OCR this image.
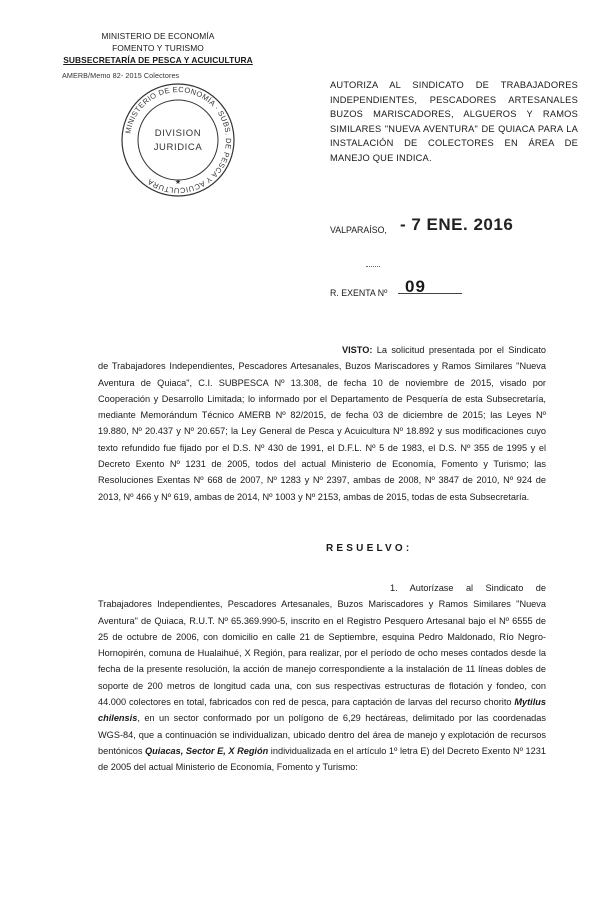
MINISTERIO DE ECONOMÍA
FOMENTO Y TURISMO
SUBSECRETARÍA DE PESCA Y ACUICULTURA
AMERB/Memo 82- 2015 Colectores
MINISTERIO DE ECONOMÍA · SUBS. DE PESCA Y ACUICULTURA
DIVISION
JURIDICA
★
AUTORIZA AL SINDICATO DE TRABAJADORES INDEPENDIENTES, PESCADORES ARTESANALES BUZOS MARISCADORES, ALGUEROS Y RAMOS SIMILARES "NUEVA AVENTURA" DE QUIACA PARA LA INSTALACIÓN DE COLECTORES EN ÁREA DE MANEJO QUE INDICA.
VALPARAÍSO, - 7 ENE. 2016
R. EXENTA Nº 09
VISTO: La solicitud presentada por el Sindicato de Trabajadores Independientes, Pescadores Artesanales, Buzos Mariscadores y Ramos Similares "Nueva Aventura de Quiaca", C.I. SUBPESCA Nº 13.308, de fecha 10 de noviembre de 2015, visado por Cooperación y Desarrollo Limitada; lo informado por el Departamento de Pesquería de esta Subsecretaría, mediante Memorándum Técnico AMERB Nº 82/2015, de fecha 03 de diciembre de 2015; las Leyes Nº 19.880, Nº 20.437 y Nº 20.657; la Ley General de Pesca y Acuicultura Nº 18.892 y sus modificaciones cuyo texto refundido fue fijado por el D.S. Nº 430 de 1991, el D.F.L. Nº 5 de 1983, el D.S. Nº 355 de 1995 y el Decreto Exento Nº 1231 de 2005, todos del actual Ministerio de Economía, Fomento y Turismo; las Resoluciones Exentas Nº 668 de 2007, Nº 1283 y Nº 2397, ambas de 2008, Nº 3847 de 2010, Nº 924 de 2013, Nº 466 y Nº 619, ambas de 2014, Nº 1003 y Nº 2153, ambas de 2015, todas de esta Subsecretaría.
RESUELVO:
1. Autorízase al Sindicato de Trabajadores Independientes, Pescadores Artesanales, Buzos Mariscadores y Ramos Similares "Nueva Aventura" de Quiaca, R.U.T. Nº 65.369.990-5, inscrito en el Registro Pesquero Artesanal bajo el Nº 6555 de 25 de octubre de 2006, con domicilio en calle 21 de Septiembre, esquina Pedro Maldonado, Río Negro-Hornopirén, comuna de Hualaihué, X Región, para realizar, por el período de ocho meses contados desde la fecha de la presente resolución, la acción de manejo correspondiente a la instalación de 11 líneas dobles de soporte de 200 metros de longitud cada una, con sus respectivas estructuras de flotación y fondeo, con 44.000 colectores en total, fabricados con red de pesca, para captación de larvas del recurso chorito Mytilus chilensis, en un sector conformado por un polígono de 6,29 hectáreas, delimitado por las coordenadas WGS-84, que a continuación se individualizan, ubicado dentro del área de manejo y explotación de recursos bentónicos Quiacas, Sector E, X Región individualizada en el artículo 1º letra E) del Decreto Exento Nº 1231 de 2005 del actual Ministerio de Economía, Fomento y Turismo:
